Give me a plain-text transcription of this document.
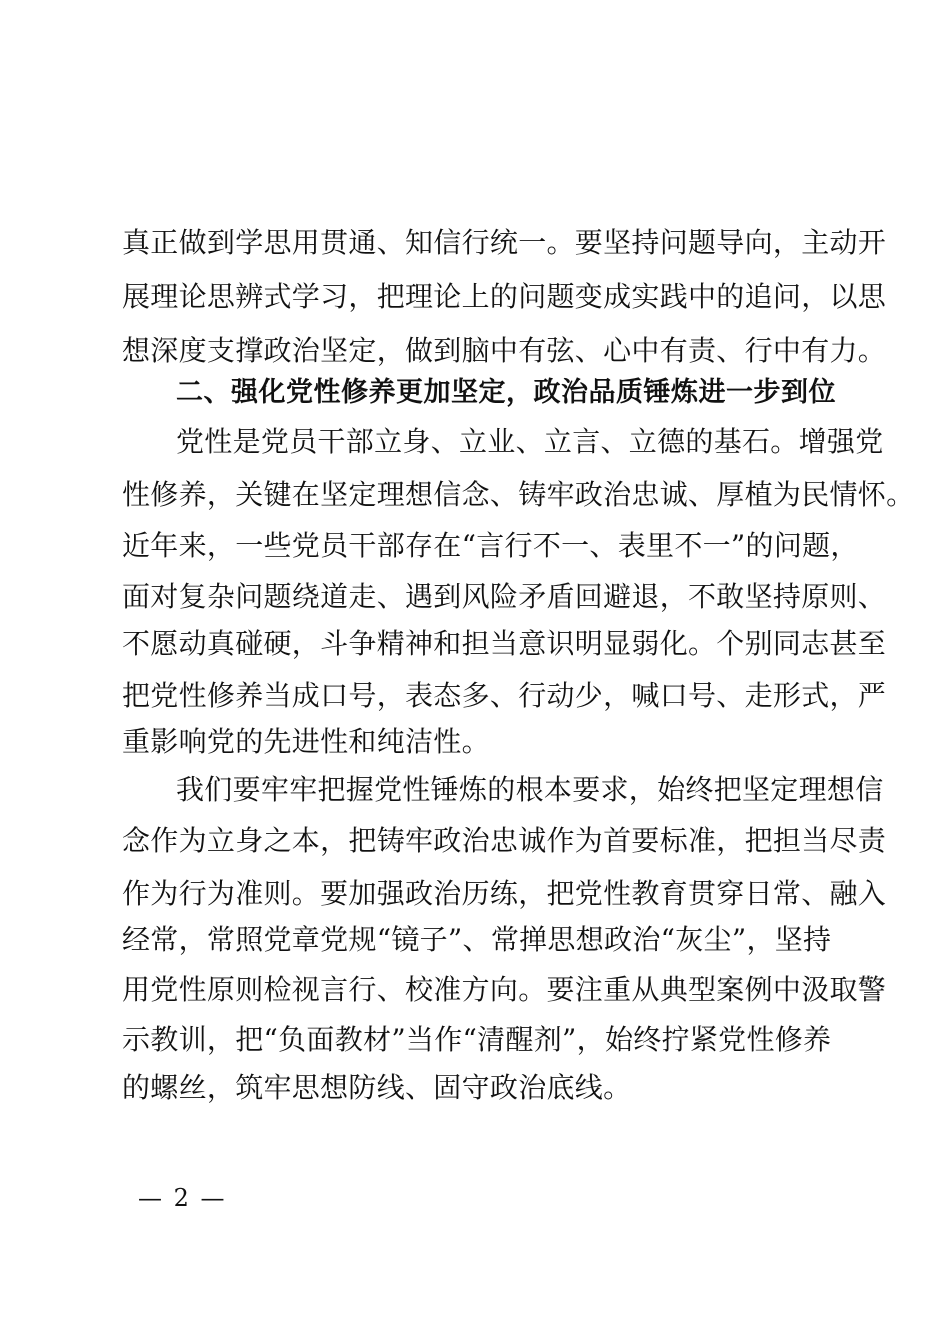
真正做到学思用贯通、知信行统一。要坚持问题导向，主动开
展理论思辨式学习，把理论上的问题变成实践中的追问，以思
想深度支撑政治坚定，做到脑中有弦、心中有责、行中有力。
二、强化党性修养更加坚定，政治品质锤炼进一步到位
党性是党员干部立身、立业、立言、立德的基石。增强党
性修养，关键在坚定理想信念、铸牢政治忠诚、厚植为民情怀。
近年来，一些党员干部存在“言行不一、表里不一”的问题，
面对复杂问题绕道走、遇到风险矛盾回避退，不敢坚持原则、
不愿动真碰硬，斗争精神和担当意识明显弱化。个别同志甚至
把党性修养当成口号，表态多、行动少，喊口号、走形式，严
重影响党的先进性和纯洁性。
我们要牢牢把握党性锤炼的根本要求，始终把坚定理想信
念作为立身之本，把铸牢政治忠诚作为首要标准，把担当尽责
作为行为准则。要加强政治历练，把党性教育贯穿日常、融入
经常，常照党章党规“镜子”、常掸思想政治“灰尘”，坚持
用党性原则检视言行、校准方向。要注重从典型案例中汲取警
示教训，把“负面教材”当作“清醒剂”，始终拧紧党性修养
的螺丝，筑牢思想防线、固守政治底线。
— 2 —
